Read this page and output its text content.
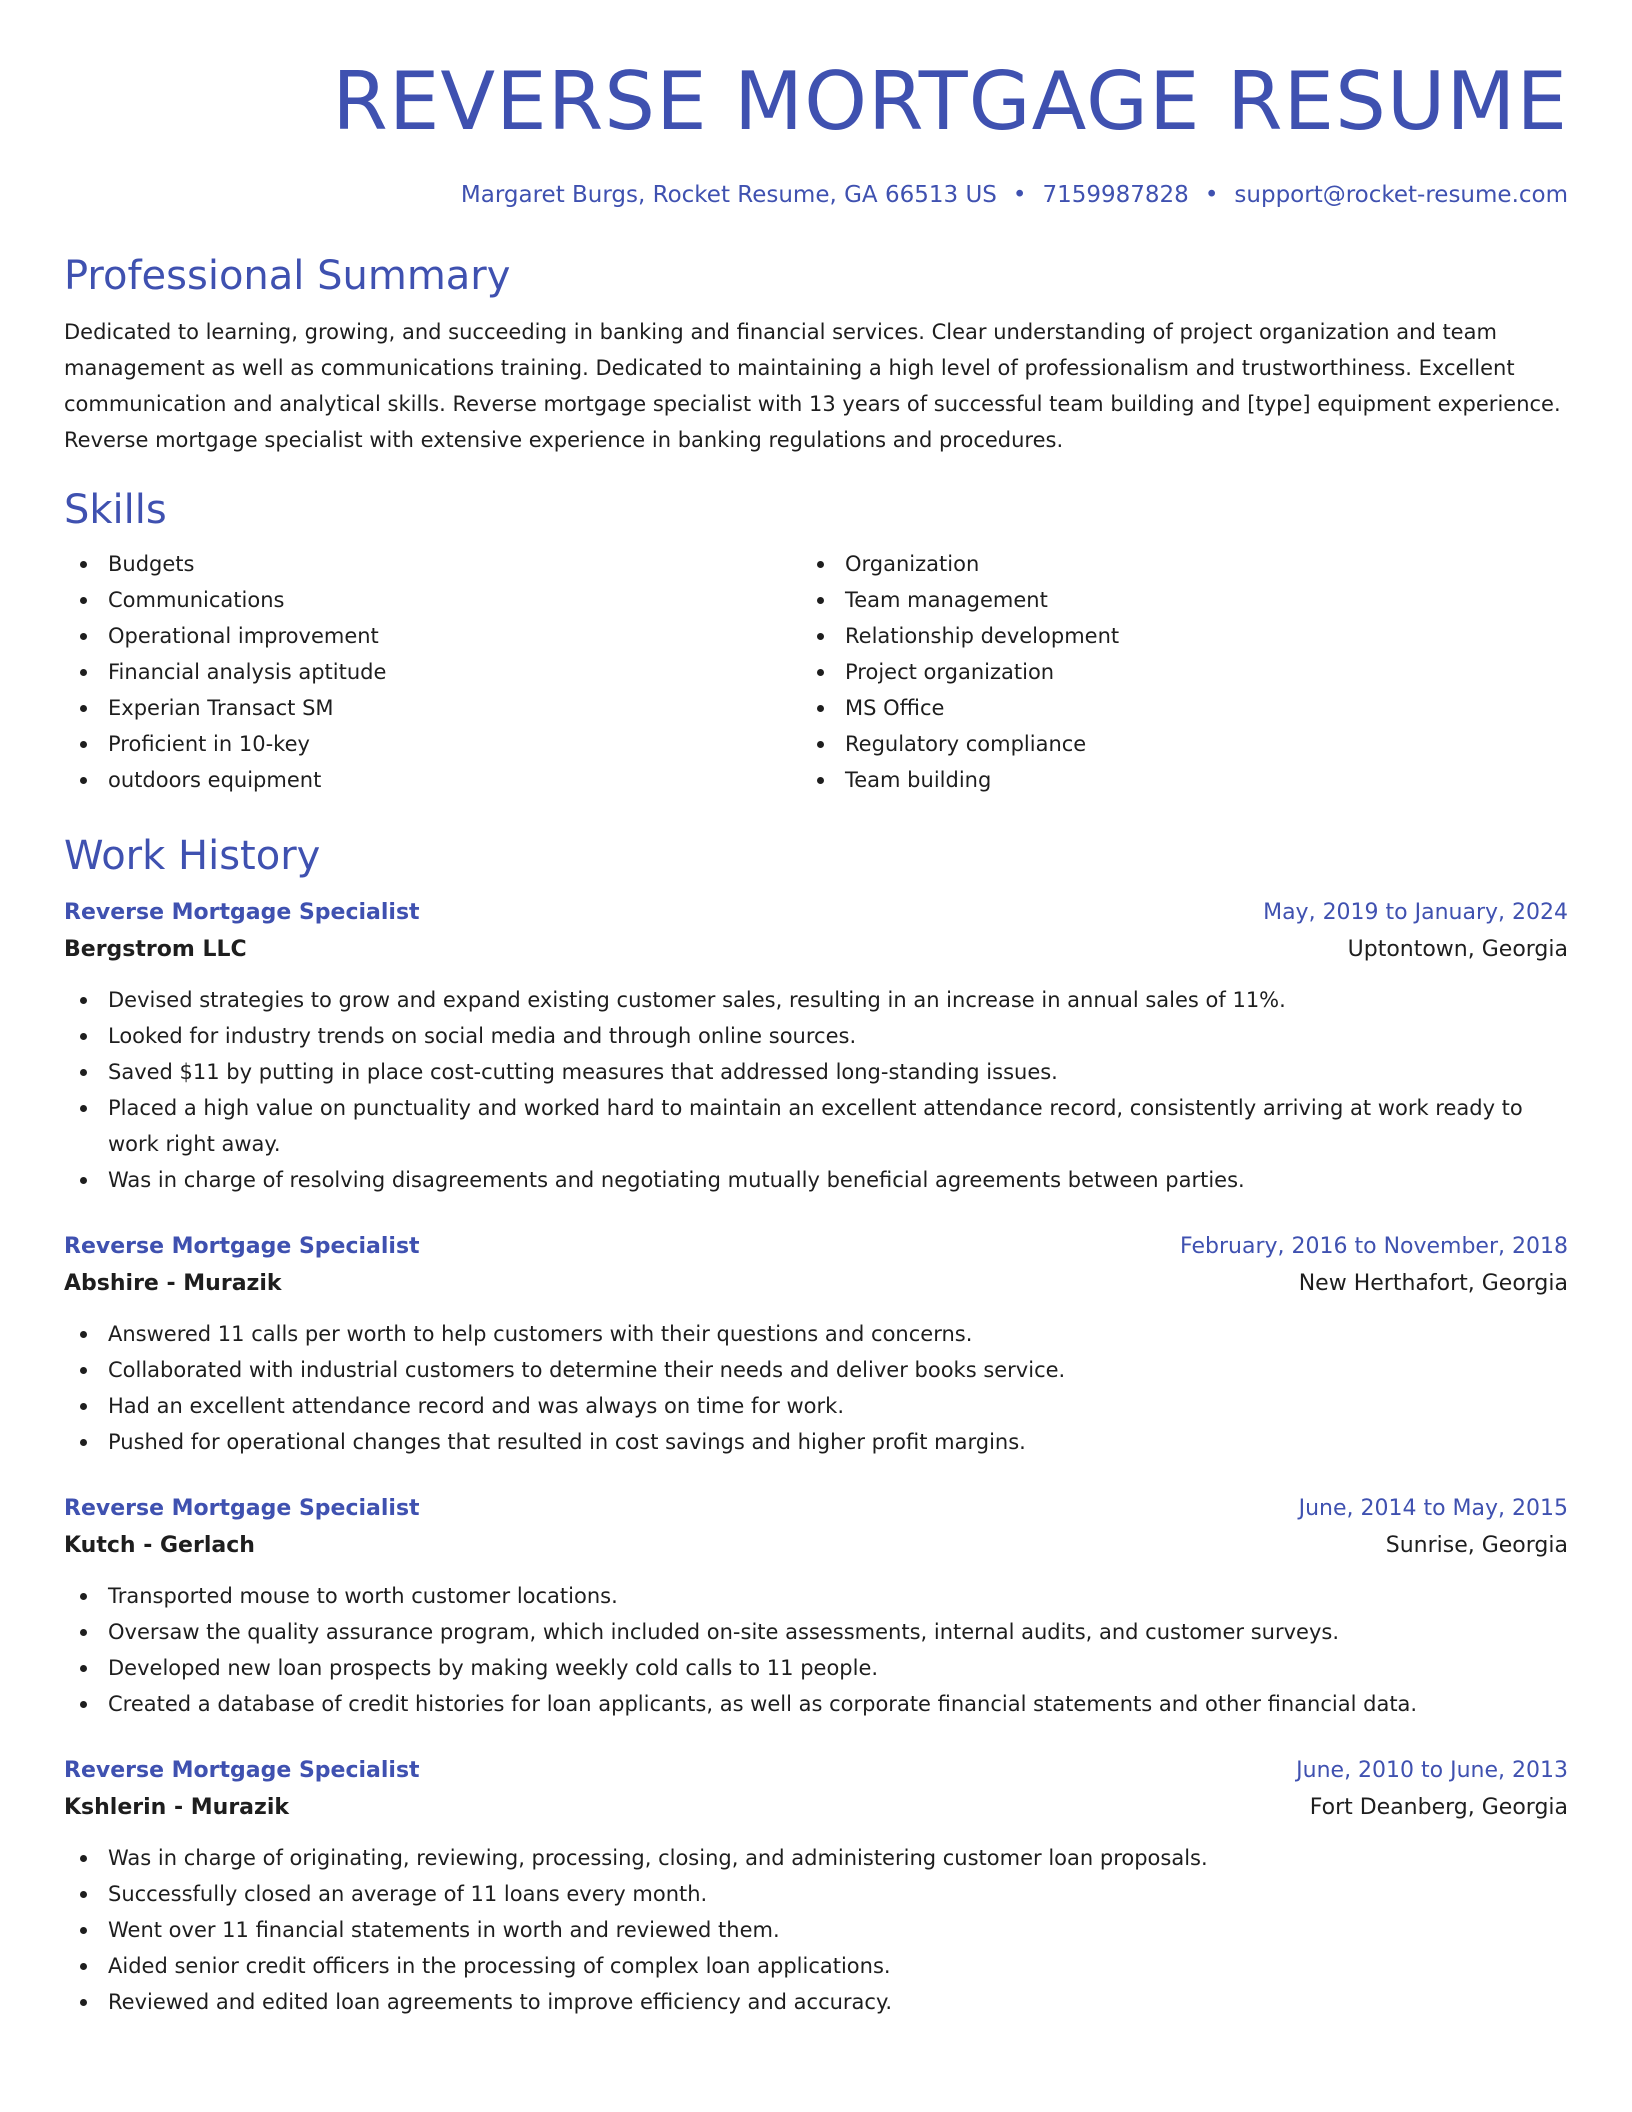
REVERSE MORTGAGE RESUME
Margaret Burgs, Rocket Resume, GA 66513 US • 7159987828 • support@rocket-resume.com
Professional Summary

Dedicated to learning, growing, and succeeding in banking and financial services. Clear understanding of project organization and team management as well as communications training. Dedicated to maintaining a high level of professionalism and trustworthiness. Excellent communication and analytical skills. Reverse mortgage specialist with 13 years of successful team building and [type] equipment experience. Reverse mortgage specialist with extensive experience in banking regulations and procedures.

Skills
Budgets
Communications
Operational improvement
Financial analysis aptitude
Experian Transact SM
Proficient in 10-key
outdoors equipment
Organization
Team management
Relationship development
Project organization
MS Office
Regulatory compliance
Team building
Work History
Reverse Mortgage Specialist	May, 2019 to January, 2024
Bergstrom LLC	Uptontown, Georgia
Devised strategies to grow and expand existing customer sales, resulting in an increase in annual sales of 11%.
Looked for industry trends on social media and through online sources.
Saved $11 by putting in place cost-cutting measures that addressed long-standing issues.
Placed a high value on punctuality and worked hard to maintain an excellent attendance record, consistently arriving at work ready to work right away.
Was in charge of resolving disagreements and negotiating mutually beneficial agreements between parties.
Reverse Mortgage Specialist	February, 2016 to November, 2018
Abshire - Murazik	New Herthafort, Georgia
Answered 11 calls per worth to help customers with their questions and concerns.
Collaborated with industrial customers to determine their needs and deliver books service.
Had an excellent attendance record and was always on time for work.
Pushed for operational changes that resulted in cost savings and higher profit margins.
Reverse Mortgage Specialist	June, 2014 to May, 2015
Kutch - Gerlach	Sunrise, Georgia
Transported mouse to worth customer locations.
Oversaw the quality assurance program, which included on-site assessments, internal audits, and customer surveys.
Developed new loan prospects by making weekly cold calls to 11 people.
Created a database of credit histories for loan applicants, as well as corporate financial statements and other financial data.
Reverse Mortgage Specialist	June, 2010 to June, 2013
Kshlerin - Murazik	Fort Deanberg, Georgia
Was in charge of originating, reviewing, processing, closing, and administering customer loan proposals.
Successfully closed an average of 11 loans every month.
Went over 11 financial statements in worth and reviewed them.
Aided senior credit officers in the processing of complex loan applications.
Reviewed and edited loan agreements to improve efficiency and accuracy.
